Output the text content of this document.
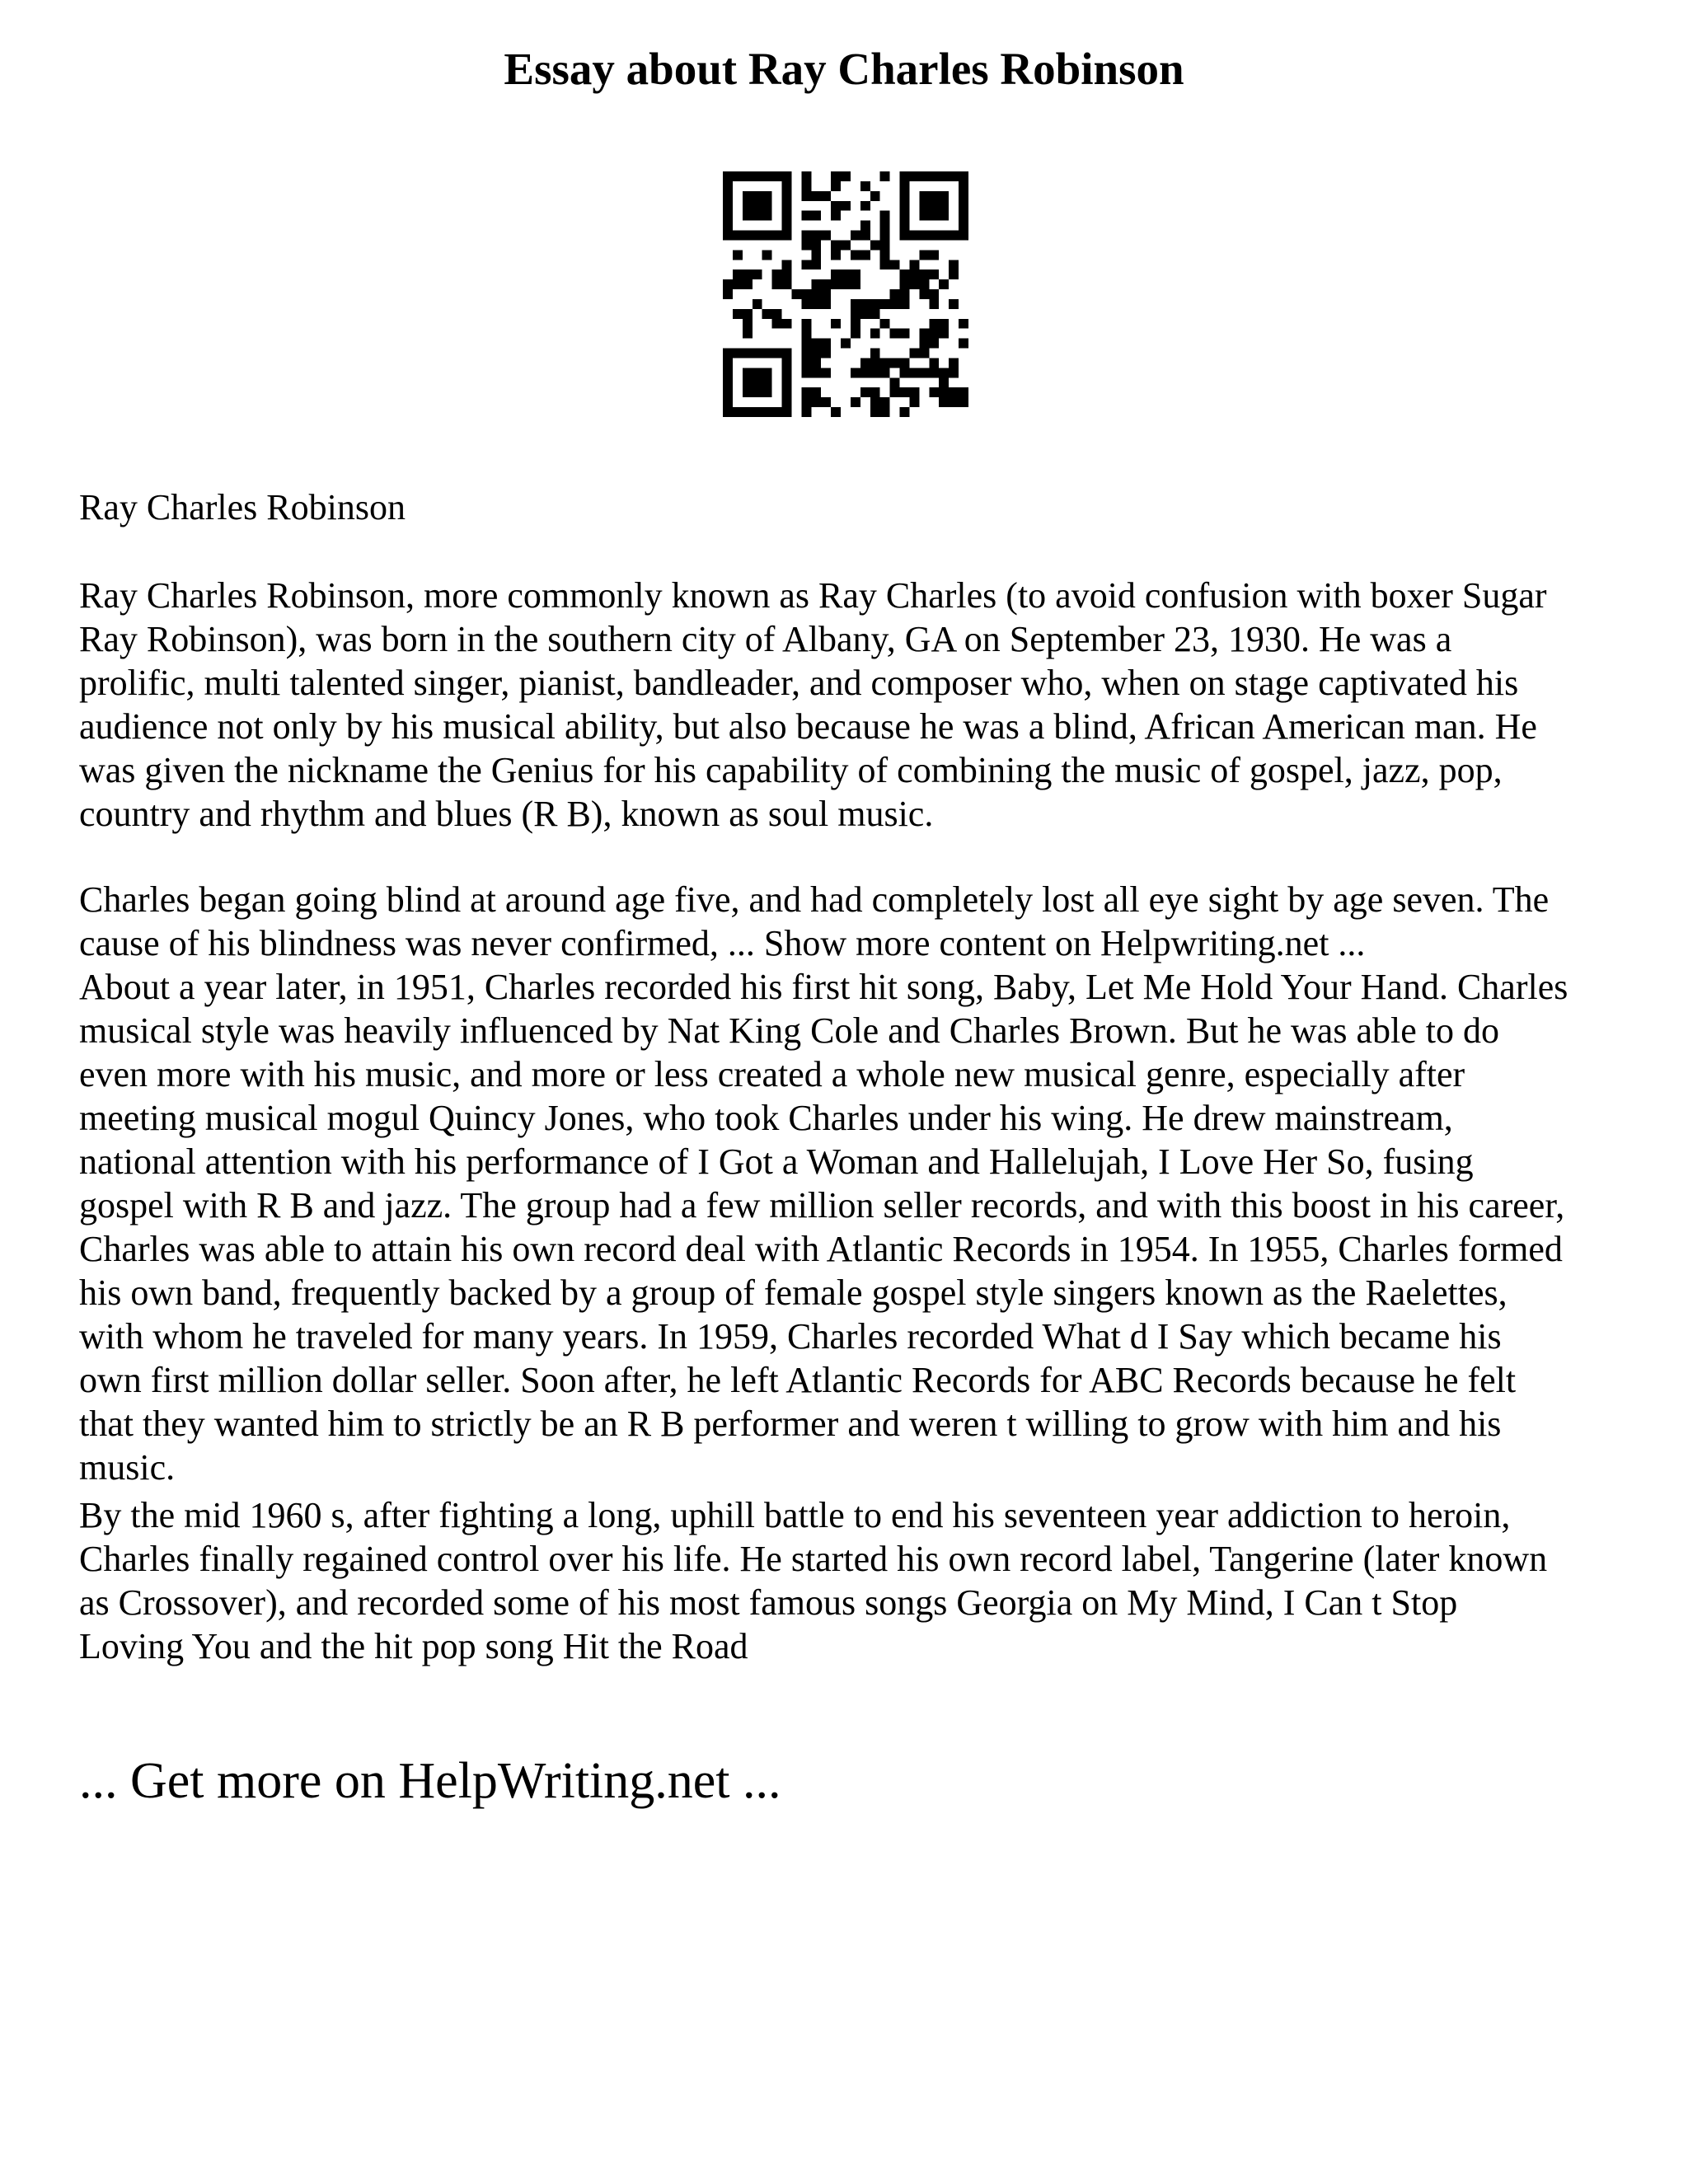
Essay about Ray Charles Robinson
Ray Charles Robinson
Ray Charles Robinson, more commonly known as Ray Charles (to avoid confusion with boxer Sugar
Ray Robinson), was born in the southern city of Albany, GA on September 23, 1930. He was a
prolific, multi talented singer, pianist, bandleader, and composer who, when on stage captivated his
audience not only by his musical ability, but also because he was a blind, African American man. He
was given the nickname the Genius for his capability of combining the music of gospel, jazz, pop,
country and rhythm and blues (R B), known as soul music.
Charles began going blind at around age five, and had completely lost all eye sight by age seven. The
cause of his blindness was never confirmed, ... Show more content on Helpwriting.net ...
About a year later, in 1951, Charles recorded his first hit song, Baby, Let Me Hold Your Hand. Charles
musical style was heavily influenced by Nat King Cole and Charles Brown. But he was able to do
even more with his music, and more or less created a whole new musical genre, especially after
meeting musical mogul Quincy Jones, who took Charles under his wing. He drew mainstream,
national attention with his performance of I Got a Woman and Hallelujah, I Love Her So, fusing
gospel with R B and jazz. The group had a few million seller records, and with this boost in his career,
Charles was able to attain his own record deal with Atlantic Records in 1954. In 1955, Charles formed
his own band, frequently backed by a group of female gospel style singers known as the Raelettes,
with whom he traveled for many years. In 1959, Charles recorded What d I Say which became his
own first million dollar seller. Soon after, he left Atlantic Records for ABC Records because he felt
that they wanted him to strictly be an R B performer and weren t willing to grow with him and his
music.
By the mid 1960 s, after fighting a long, uphill battle to end his seventeen year addiction to heroin,
Charles finally regained control over his life. He started his own record label, Tangerine (later known
as Crossover), and recorded some of his most famous songs Georgia on My Mind, I Can t Stop
Loving You and the hit pop song Hit the Road
... Get more on HelpWriting.net ...
